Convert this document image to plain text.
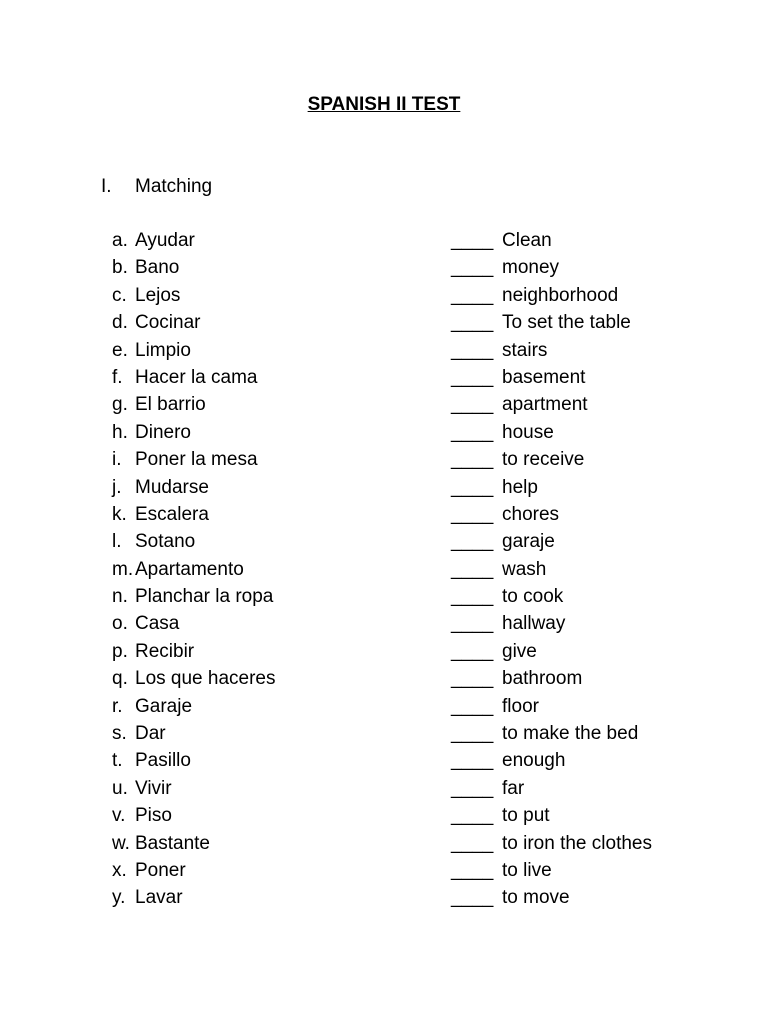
SPANISH II TEST
I. Matching
a. Ayudar	____ Clean
b. Bano	____ money
c. Lejos	____ neighborhood
d. Cocinar	____ To set the table
e. Limpio	____ stairs
f. Hacer la cama	____ basement
g. El barrio	____ apartment
h. Dinero	____ house
i. Poner la mesa	____ to receive
j. Mudarse	____ help
k. Escalera	____ chores
l. Sotano	____ garaje
m. Apartamento	____ wash
n. Planchar la ropa	____ to cook
o. Casa	____ hallway
p. Recibir	____ give
q. Los que haceres	____ bathroom
r. Garaje	____ floor
s. Dar	____ to make the bed
t. Pasillo	____ enough
u. Vivir	____ far
v. Piso	____ to put
w. Bastante	____ to iron the clothes
x. Poner	____ to live
y. Lavar	____ to move
